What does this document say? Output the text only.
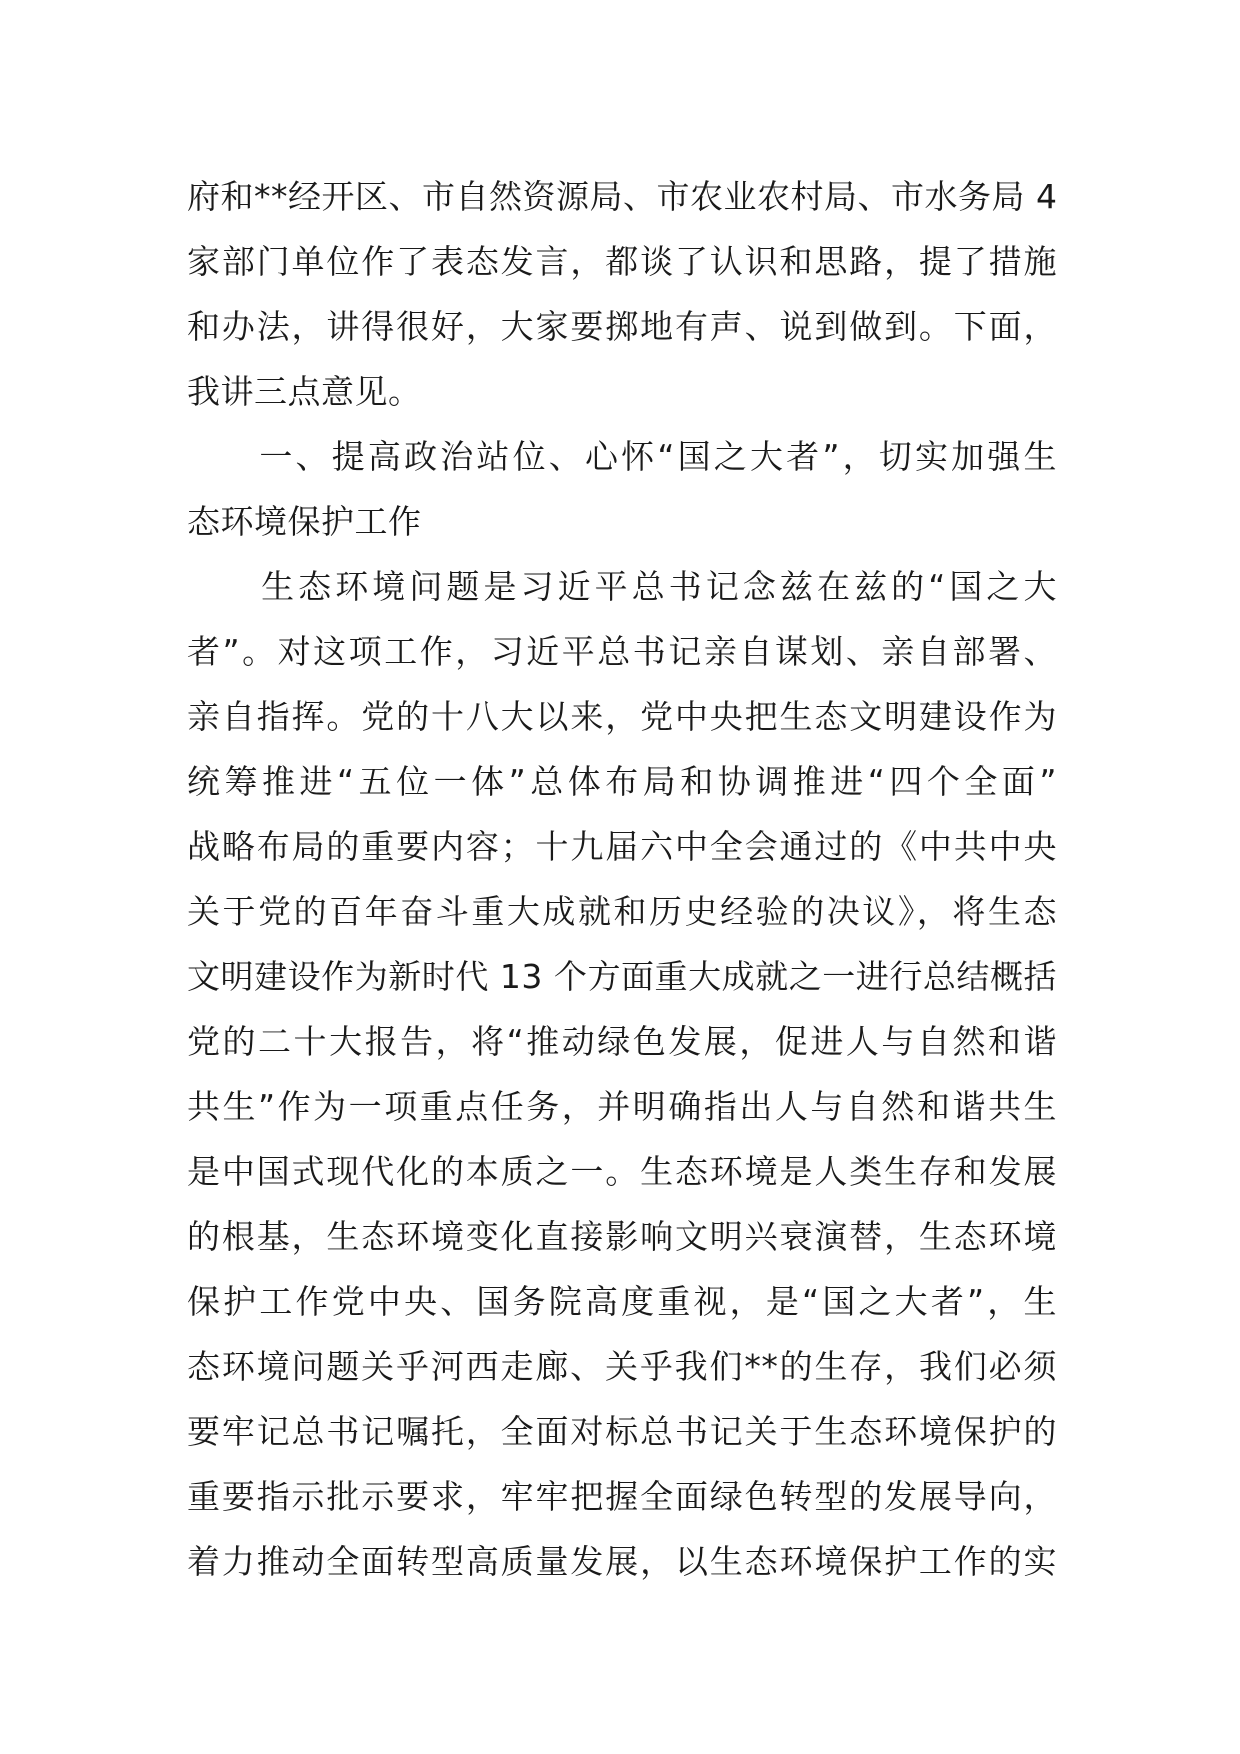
府和**经开区、市自然资源局、市农业农村局、市水务局 4
家部门单位作了表态发言，都谈了认识和思路，提了措施
和办法，讲得很好，大家要掷地有声、说到做到。下面，
我讲三点意见。
　　一、提高政治站位、心怀“国之大者”，切实加强生
态环境保护工作
　　生态环境问题是习近平总书记念兹在兹的“国之大
者”。对这项工作，习近平总书记亲自谋划、亲自部署、
亲自指挥。党的十八大以来，党中央把生态文明建设作为
统筹推进“五位一体”总体布局和协调推进“四个全面”
战略布局的重要内容；十九届六中全会通过的《中共中央
关于党的百年奋斗重大成就和历史经验的决议》，将生态
文明建设作为新时代 13 个方面重大成就之一进行总结概括
党的二十大报告，将“推动绿色发展，促进人与自然和谐
共生”作为一项重点任务，并明确指出人与自然和谐共生
是中国式现代化的本质之一。生态环境是人类生存和发展
的根基，生态环境变化直接影响文明兴衰演替，生态环境
保护工作党中央、国务院高度重视，是“国之大者”，生
态环境问题关乎河西走廊、关乎我们**的生存，我们必须
要牢记总书记嘱托，全面对标总书记关于生态环境保护的
重要指示批示要求，牢牢把握全面绿色转型的发展导向，
着力推动全面转型高质量发展，以生态环境保护工作的实
